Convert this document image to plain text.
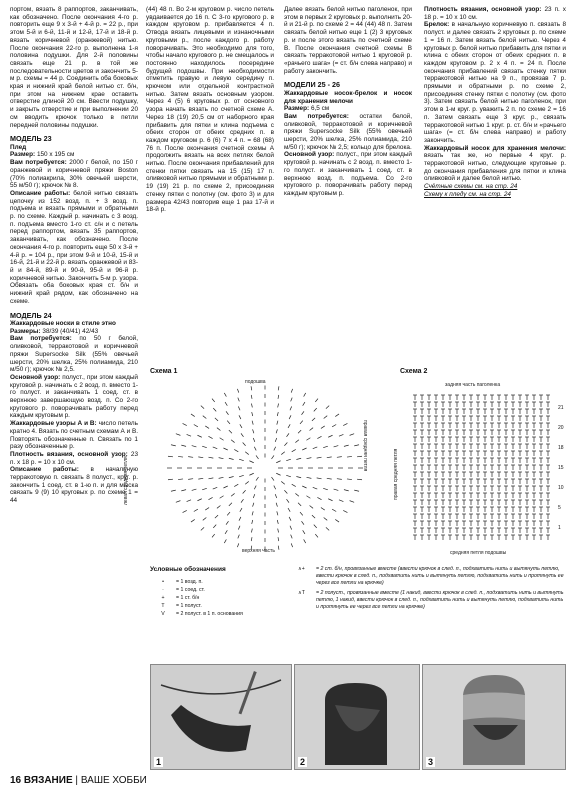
портом, вязать 8 раппортов, заканчивать, как обозначено. После окончания 4-го р. повторить еще 9 x 3-й + 4-й р. = 22 р., при этом 5-й и 6-й, 11-й и 12-й, 17-й и 18-й р. вязать коричневой (оранжевой) нитью. После окончания 22-го р. выполнена 1-я половина подушки. Для 2-й половины связать еще 21 р. в той же последовательности цветов и закончить 5-м р. схемы = 44 р. Соединить оба боковых края и нижний край белой нитью ст. б/н, при этом на нижнем крае оставить отверстие длиной 20 см. Ввести подушку, и закрыть отверстие и при выполнении 20 см вводить крючок только в петли передней половины подушки.

МОДЕЛЬ 23

Плед

Размер: 150 x 195 см

Вам потребуется: 2000 г белой, по 150 г оранжевой и коричневой пряжи Boston (70% полиакрила, 30% овечьей шерсти, 55 м/50 г); крючок № 8.

Описание работы: белой нитью связать цепочку из 152 возд. п. + 3 возд. п. подъема и вязать прямыми и обратными р. по схеме. Каждый р. начинать с 3 возд. п. подъема вместо 1-го ст. с/н и с петель перед раппортом, вязать 35 раппортов, заканчивать, как обозначено. После окончания 4-го р. повторить еще 50 x 3-й + 4-й р. = 104 р., при этом 9-й и 10-й, 15-й и 16-й, 21-й и 22-й р. вязать оранжевой и 83-й и 84-й, 89-й и 90-й, 95-й и 96-й р. коричневой нитью. Закончить 5-м р. узора. Обвязать оба боковых края ст. б/н и нижний край рядом, как обозначено на схеме.

МОДЕЛЬ 24

Жаккардовые носки в стиле этно

Размеры: 38/39 (40/41) 42/43

Вам потребуется: по 50 г белой, оливковой, терракотовой и коричневой пряжи Supersocke Silk (55% овечьей шерсти, 20% шелка, 25% полиамида, 210 м/50 г); крючок № 2,5.

Основной узор: полуст., при этом каждый круговой р. начинать с 2 возд. п. вместо 1-го полуст. и заканчивать 1 соед. ст. в верхнюю завершающую возд. п. Со 2-го кругового р. поворачивать работу перед каждым круговым р.

Жаккардовые узоры А и В: число петель кратно 4. Вязать по счетным схемам А и В. Повторять обозначенные п. Связать по 1 разу обозначенные р.

Плотность вязания, основной узор: 23 п. x 18 р. = 10 x 10 см.

Описание работы: в начальную терракотовую п. связать 8 полуст., круг. р. закончить 1 соед. ст. в 1-ю п. и для мыска связать 9 (9) 10 круговых р. по схеме 1 = 44

(44) 48 п. Во 2-м круговом р. число петель увдаивается до 16 п. С 3-го кругового р. в каждом круговом р. прибавляется 4 п. Отвода вязать лицевыми и изнаночными круговыми р., после каждого р. работу поворачивать. Это необходимо для того, чтобы начало кругового р. не смещалось и постоянно находилось посередине будущей подошвы. При необходимости отметить правую и левую середину п. крючком или отдельной контрастной нитью. Затем вязать основным узором. Через 4 (5) 6 круговых р. от основного узора начать вязать по счетной схеме А. Через 18 (19) 20,5 см от наборного края прибавить для пятки и клина подъема с обеих сторон от обеих средних п. в каждом круговом р. 6 (6) 7 x 4 п. = 68 (68) 76 п. После окончания счетной схемы А продолжить вязать на всех петлях белой нитью. После окончания прибавлений для стенки пятки связать на 15 (15) 17 п. оливковой нитью прямыми и обратными р. 19 (19) 21 р. по схеме 2, присоединяя стенку пятки с полотну (см. фото 3) и для размера 42/43 повторив еще 1 раз 17-й и 18-й р.

Далее вязать белой нитью паголенок, при этом в первых 2 круговых р. выполнить 20-й и 21-й р. по схеме 2 = 44 (44) 48 п. Затем связать белой нитью еще 1 (2) 3 круговых р. и после этого вязать по счетной схеме В. После окончания счетной схемы В связать терракотовой нитью 1 круговой р. «рачьего шага» (= ст. б/н слева направо) и работу закончить.

МОДЕЛИ 25 - 26

Жаккардовые носок-брелок и носок для хранения мелочи

Размер: 6,5 см

Вам потребуется: остатки белой, оливковой, терракотовой и коричневой пряжи Supersocke Silk (55% овечьей шерсти, 20% шелка, 25% полиамида, 210 м/50 г); крючок № 2,5; кольцо для брелока.

Основной узор: полуст., при этом каждый круговой р. начинать с 2 возд. п. вместо 1-го полуст. и заканчивать 1 соед. ст. в верхнюю возд. п. подъема. Со 2-го кругового р. поворачивать работу перед каждым круговым р.

Плотность вязания, основной узор: 23 п. x 18 р. = 10 x 10 см.

Брелок: в начальную коричневую п. связать 8 полуст. и далее связать 2 круговых р. по схеме 1 = 16 п. Затем вязать белой нитью. Через 4 круговых р. белой нитью прибавить для пятки и клина с обеих сторон от обеих средних п. в каждом круговом р. 2 x 4 п. = 24 п. После окончания прибавлений связать стенку пятки терракотовой нитью на 9 п., провязав 7 р. прямыми и обратными р. по схеме 2, присоединяя стенку пятки с полотну (см. фото 3). Затем связать белой нитью паголенок, при этом в 1-м круг. р. уважить 2 п. по схеме 2 = 16 п. Затем связать еще 3 круг. р., связать терракотовой нитью 1 круг. р. ст. б/н и «рачьего шага» (= ст. б/н слева направо) и работу закончить.

Жаккардовый носок для хранения мелочи: вязать так же, но первые 4 круг. р. терракотовой нитью, следующие круговые р. до окончания прибавления для пятки и клина оливковой и далее белой нитью.

Счётные схемы см. на стр. 24

Схему к пледу см. на стр. 24

Схема 1
подошва
верхняя часть
левая средняя петля
правая средняя петля
Схема 2
задняя часть паголенка
средняя петля подошвы
правая средняя петля
21
20
18
15
10
5
1
Условные обозначения
• = 1 возд. п.
· = 1 соед. ст.
+ = 1 ст. б/н
T = 1 полуст.
V = 2 полуст. в 1 п. основания
∧+ = 2 ст. б/н, провязанные вместе (ввести крючок в след. п., подхватить нить и вытянуть петлю, ввести крючок в след. п., подхватить нить и вытянуть петлю, подхватить нить и протянуть ее через все петли на крючке)
∧T = 2 полуст., провязанные вместе (1 накид, ввести крючок в след. п., подхватить нить и вытянуть петлю, 1 накид, ввести крючок в след. п., подхватить нить и вытянуть петлю, подхватить нить и протянуть ее через все петли на крючке)
1	2	3
16 ВЯЗАНИЕ | ВАШЕ ХОББИ
